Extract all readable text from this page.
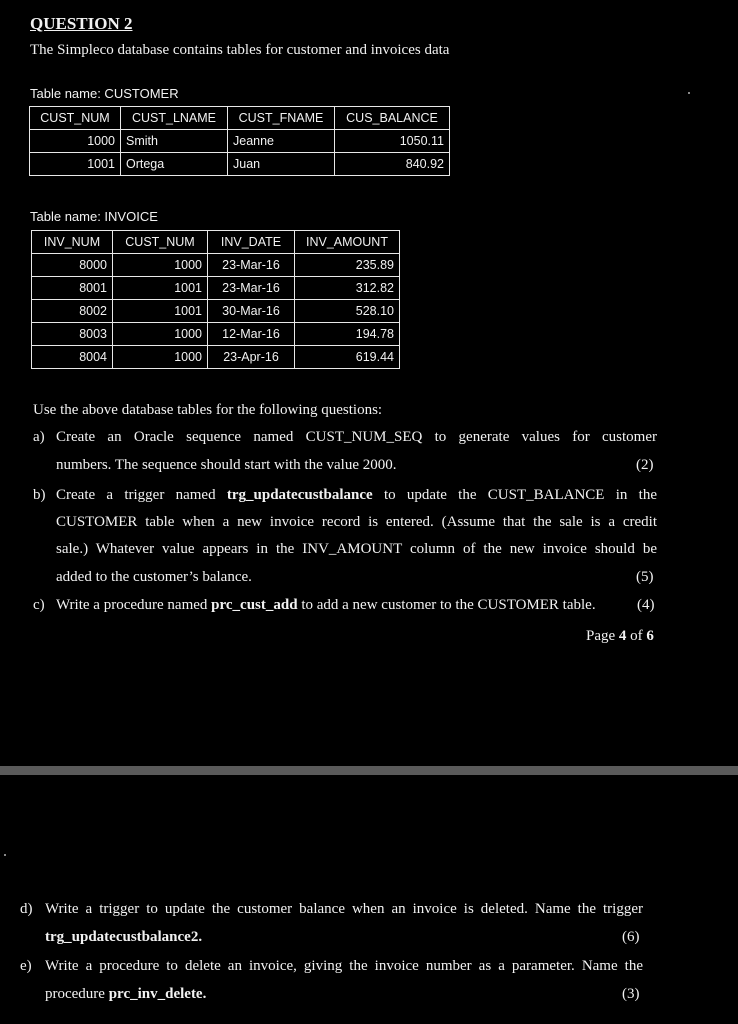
QUESTION 2
The Simpleco database contains tables for customer and invoices data
Table name: CUSTOMER
CUST_NUM	CUST_LNAME	CUST_FNAME	CUS_BALANCE
1000	Smith	Jeanne	1050.11
1001	Ortega	Juan	840.92
Table name: INVOICE
INV_NUM	CUST_NUM	INV_DATE	INV_AMOUNT
8000	1000	23-Mar-16	235.89
8001	1001	23-Mar-16	312.82
8002	1001	30-Mar-16	528.10
8003	1000	12-Mar-16	194.78
8004	1000	23-Apr-16	619.44
Use the above database tables for the following questions:
a) Create an Oracle sequence named CUST_NUM_SEQ to generate values for customer
numbers. The sequence should start with the value 2000.	(2)
b) Create a trigger named trg_updatecustbalance to update the CUST_BALANCE in the
CUSTOMER table when a new invoice record is entered. (Assume that the sale is a credit
sale.) Whatever value appears in the INV_AMOUNT column of the new invoice should be
added to the customer’s balance.	(5)
c) Write a procedure named prc_cust_add to add a new customer to the CUSTOMER table.	(4)
Page 4 of 6
d) Write a trigger to update the customer balance when an invoice is deleted. Name the trigger
trg_updatecustbalance2.	(6)
e) Write a procedure to delete an invoice, giving the invoice number as a parameter. Name the
procedure prc_inv_delete.	(3)
